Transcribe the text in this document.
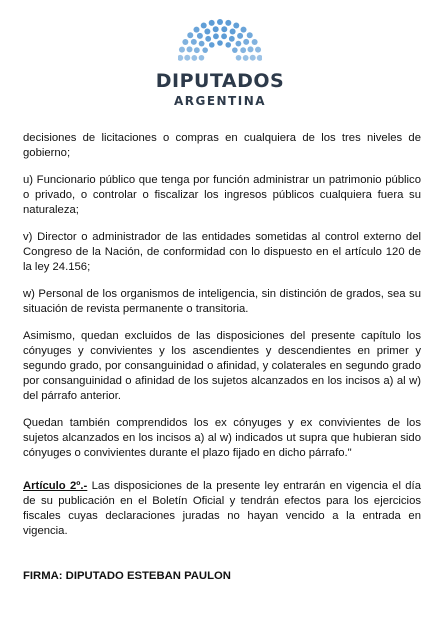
DIPUTADOS
ARGENTINA

decisiones de licitaciones o compras en cualquiera de los tres niveles de gobierno;

u) Funcionario público que tenga por función administrar un patrimonio público o privado, o controlar o fiscalizar los ingresos públicos cualquiera fuera su naturaleza;

v) Director o administrador de las entidades sometidas al control externo del Congreso de la Nación, de conformidad con lo dispuesto en el artículo 120 de la ley 24.156;

w) Personal de los organismos de inteligencia, sin distinción de grados, sea su situación de revista permanente o transitoria.

Asimismo, quedan excluidos de las disposiciones del presente capítulo los cónyuges y convivientes y los ascendientes y descendientes en primer y segundo grado, por consanguinidad o afinidad, y colaterales en segundo grado por consanguinidad o afinidad de los sujetos alcanzados en los incisos a) al w) del párrafo anterior.

Quedan también comprendidos los ex cónyuges y ex convivientes de los sujetos alcanzados en los incisos a) al w) indicados ut supra que hubieran sido cónyuges o convivientes durante el plazo fijado en dicho párrafo."

Artículo 2º.- Las disposiciones de la presente ley entrarán en vigencia el día de su publicación en el Boletín Oficial y tendrán efectos para los ejercicios fiscales cuyas declaraciones juradas no hayan vencido a la entrada en vigencia.

FIRMA: DIPUTADO ESTEBAN PAULON
